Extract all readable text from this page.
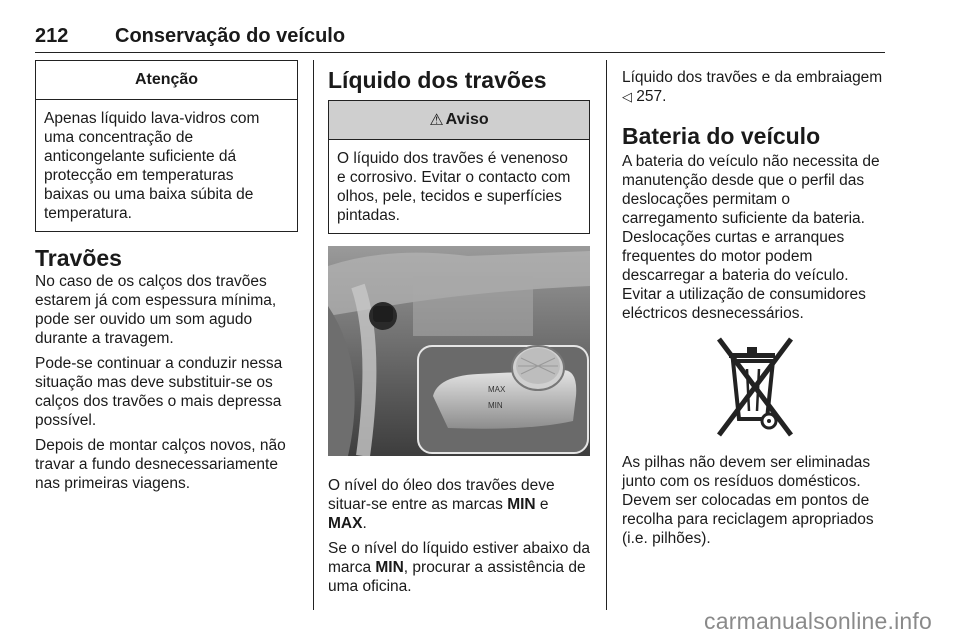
212 Conservação do veículo
Atenção
Apenas líquido lava-vidros com
uma concentração de
anticongelante suficiente dá
protecção em temperaturas
baixas ou uma baixa súbita de
temperatura.
Travões

No caso de os calços dos travões
estarem já com espessura mínima,
pode ser ouvido um som agudo
durante a travagem.

Pode-se continuar a conduzir nessa
situação mas deve substituir-se os
calços dos travões o mais depressa
possível.

Depois de montar calços novos, não
travar a fundo desnecessariamente
nas primeiras viagens.

Líquido dos travões
⚠ Aviso
O líquido dos travões é venenoso
e corrosivo. Evitar o contacto com
olhos, pele, tecidos e superfícies
pintadas.
MAX
MIN

O nível do óleo dos travões deve
situar-se entre as marcas MIN e
MAX.

Se o nível do líquido estiver abaixo da
marca MIN, procurar a assistência de
uma oficina.

Líquido dos travões e da embraiagem
◁ 257.

Bateria do veículo

A bateria do veículo não necessita de
manutenção desde que o perfil das
deslocações permitam o
carregamento suficiente da bateria.
Deslocações curtas e arranques
frequentes do motor podem
descarregar a bateria do veículo.
Evitar a utilização de consumidores
eléctricos desnecessários.

As pilhas não devem ser eliminadas
junto com os resíduos domésticos.
Devem ser colocadas em pontos de
recolha para reciclagem apropriados
(i.e. pilhões).

carmanualsonline.info
